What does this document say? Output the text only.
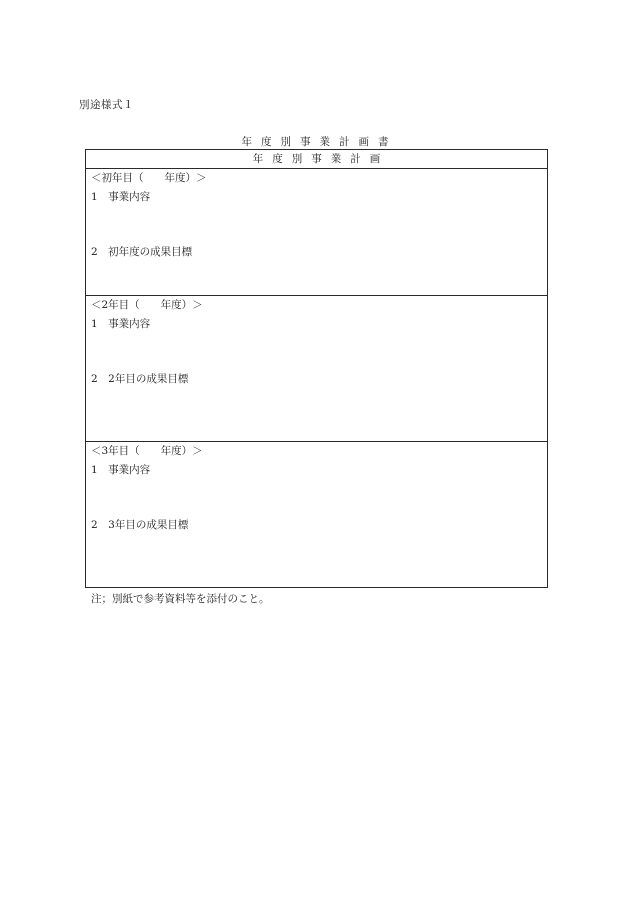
別途様式１
年度別事業計画書
年度別事業計画
＜初年目（　　年度）＞
1　事業内容
2　初年度の成果目標
＜2年目（　　年度）＞
1　事業内容
2　2年目の成果目標
＜3年目（　　年度）＞
1　事業内容
2　3年目の成果目標
注；別紙で参考資料等を添付のこと。
